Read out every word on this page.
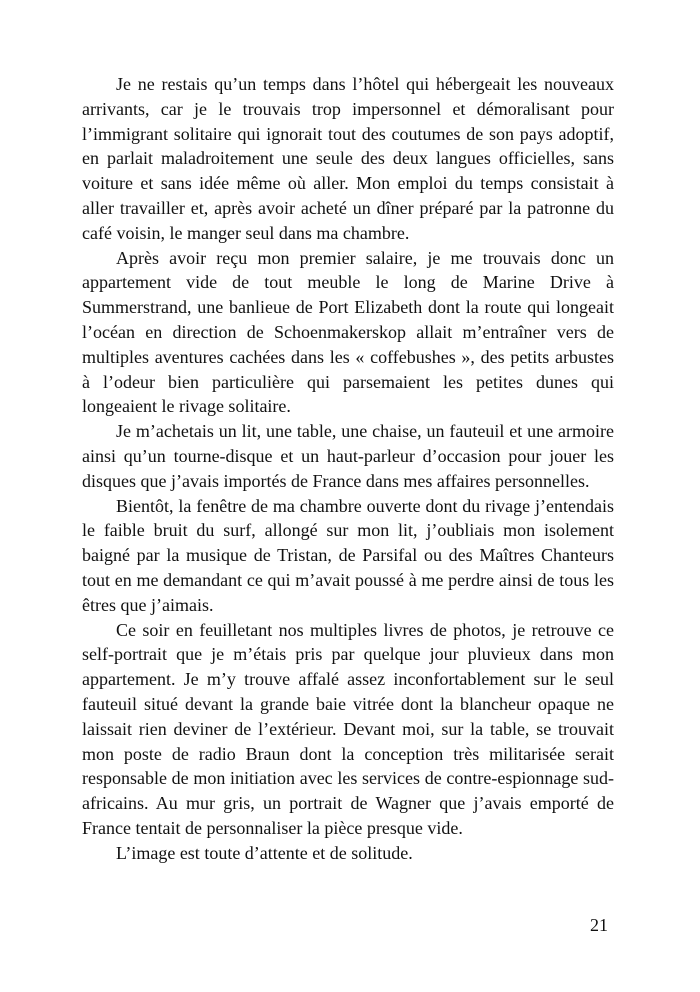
Je ne restais qu’un temps dans l’hôtel qui hébergeait les nouveaux arrivants, car je le trouvais trop impersonnel et démoralisant pour l’immigrant solitaire qui ignorait tout des coutumes de son pays adoptif, en parlait maladroitement une seule des deux langues officielles, sans voiture et sans idée même où aller. Mon emploi du temps consistait à aller travailler et, après avoir acheté un dîner préparé par la patronne du café voisin, le manger seul dans ma chambre.

Après avoir reçu mon premier salaire, je me trouvais donc un appartement vide de tout meuble le long de Marine Drive à Summerstrand, une banlieue de Port Elizabeth dont la route qui longeait l’océan en direction de Schoenmakerskop allait m’entraîner vers de multiples aventures cachées dans les « coffebushes », des petits arbustes à l’odeur bien particulière qui parsemaient les petites dunes qui longeaient le rivage solitaire.

Je m’achetais un lit, une table, une chaise, un fauteuil et une armoire ainsi qu’un tourne-disque et un haut-parleur d’occasion pour jouer les disques que j’avais importés de France dans mes affaires personnelles.

Bientôt, la fenêtre de ma chambre ouverte dont du rivage j’entendais le faible bruit du surf, allongé sur mon lit, j’oubliais mon isolement baigné par la musique de Tristan, de Parsifal ou des Maîtres Chanteurs tout en me demandant ce qui m’avait poussé à me perdre ainsi de tous les êtres que j’aimais.

Ce soir en feuilletant nos multiples livres de photos, je retrouve ce self-portrait que je m’étais pris par quelque jour pluvieux dans mon appartement. Je m’y trouve affalé assez inconfortablement sur le seul fauteuil situé devant la grande baie vitrée dont la blancheur opaque ne laissait rien deviner de l’extérieur. Devant moi, sur la table, se trouvait mon poste de radio Braun dont la conception très militarisée serait responsable de mon initiation avec les services de contre-espionnage sud-africains. Au mur gris, un portrait de Wagner que j’avais emporté de France tentait de personnaliser la pièce presque vide.

L’image est toute d’attente et de solitude.

21
